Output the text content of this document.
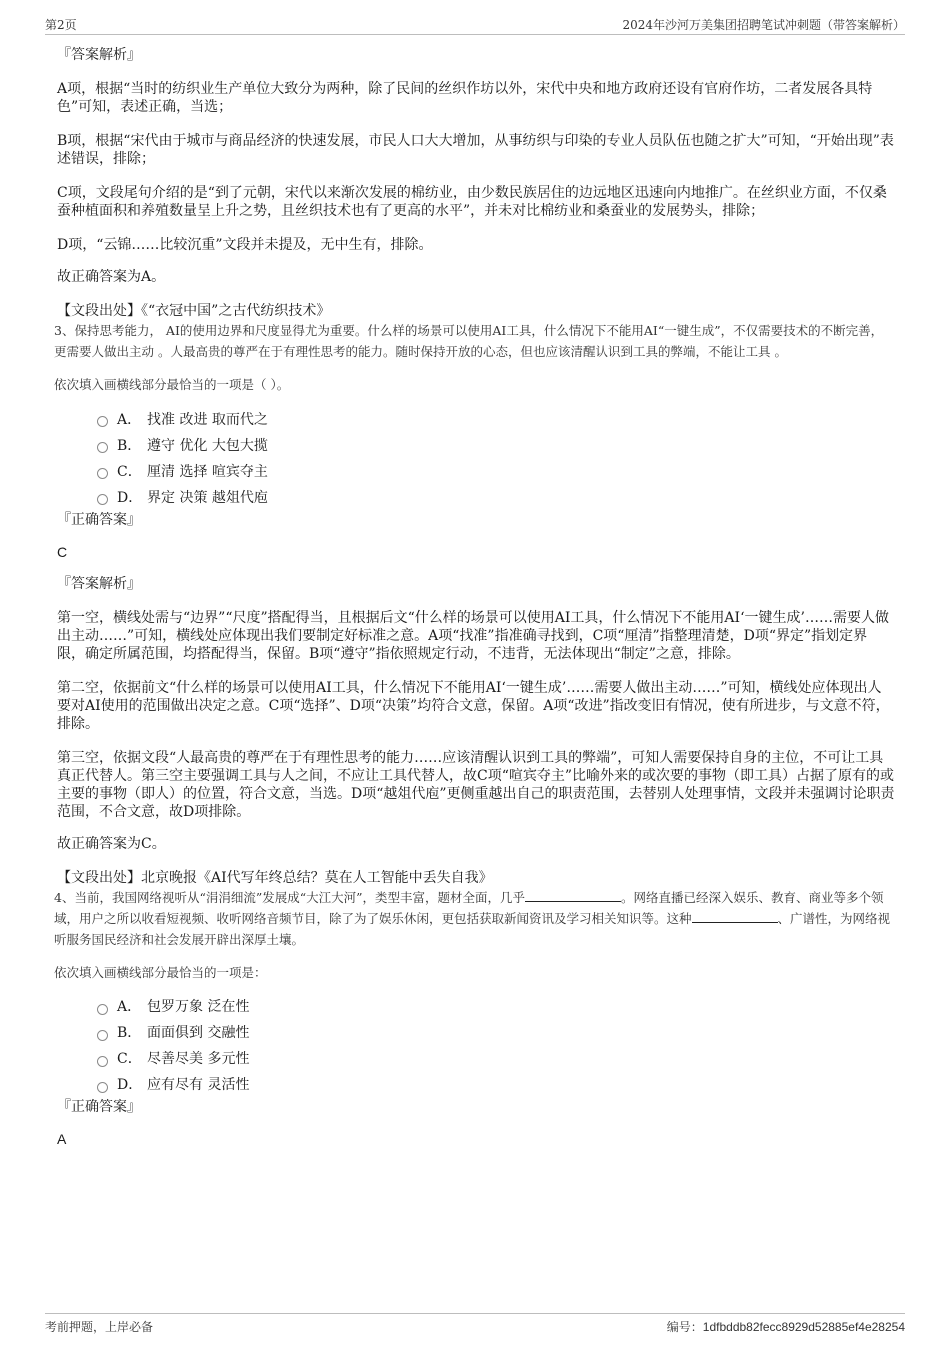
第2页	2024年沙河万美集团招聘笔试冲刺题（带答案解析）

『答案解析』

A项，根据“当时的纺织业生产单位大致分为两种，除了民间的丝织作坊以外，宋代中央和地方政府还设有官府作坊，二者发展各具特色”可知，表述正确，当选；

B项，根据“宋代由于城市与商品经济的快速发展，市民人口大大增加，从事纺织与印染的专业人员队伍也随之扩大”可知，“开始出现”表述错误，排除；

C项，文段尾句介绍的是“到了元朝，宋代以来渐次发展的棉纺业，由少数民族居住的边远地区迅速向内地推广。在丝织业方面，不仅桑蚕种植面积和养殖数量呈上升之势，且丝织技术也有了更高的水平”，并未对比棉纺业和桑蚕业的发展势头，排除；

D项，“云锦……比较沉重”文段并未提及，无中生有，排除。

故正确答案为A。

【文段出处】《“衣冠中国”之古代纺织技术》

3、保持思考能力， AI的使用边界和尺度显得尤为重要。什么样的场景可以使用AI工具，什么情况下不能用AI“一键生成”，不仅需要技术的不断完善，更需要人做出主动 。人最高贵的尊严在于有理性思考的能力。随时保持开放的心态，但也应该清醒认识到工具的弊端，不能让工具 。

依次填入画横线部分最恰当的一项是（ ）。

A． 找准 改进 取而代之
B． 遵守 优化 大包大揽
C． 厘清 选择 喧宾夺主
D． 界定 决策 越俎代庖

『正确答案』

C

『答案解析』

第一空，横线处需与“边界”“尺度”搭配得当，且根据后文“什么样的场景可以使用AI工具，什么情况下不能用AI‘一键生成’……需要人做出主动……”可知，横线处应体现出我们要制定好标准之意。A项“找准”指准确寻找到，C项“厘清”指整理清楚，D项“界定”指划定界限，确定所属范围，均搭配得当，保留。B项“遵守”指依照规定行动，不违背，无法体现出“制定”之意，排除。

第二空，依据前文“什么样的场景可以使用AI工具，什么情况下不能用AI‘一键生成’……需要人做出主动……”可知，横线处应体现出人要对AI使用的范围做出决定之意。C项“选择”、D项“决策”均符合文意，保留。A项“改进”指改变旧有情况，使有所进步，与文意不符，排除。

第三空，依据文段“人最高贵的尊严在于有理性思考的能力……应该清醒认识到工具的弊端”，可知人需要保持自身的主位，不可让工具真正代替人。第三空主要强调工具与人之间，不应让工具代替人，故C项“喧宾夺主”比喻外来的或次要的事物（即工具）占据了原有的或主要的事物（即人）的位置，符合文意，当选。D项“越俎代庖”更侧重越出自己的职责范围，去替别人处理事情，文段并未强调讨论职责范围，不合文意，故D项排除。

故正确答案为C。

【文段出处】北京晚报《AI代写年终总结？莫在人工智能中丢失自我》

4、当前，我国网络视听从“涓涓细流”发展成“大江大河”，类型丰富，题材全面，几乎	。网络直播已经深入娱乐、教育、商业等多个领域，用户之所以收看短视频、收听网络音频节目，除了为了娱乐休闲，更包括获取新闻资讯及学习相关知识等。这种	、广谱性，为网络视听服务国民经济和社会发展开辟出深厚土壤。

依次填入画横线部分最恰当的一项是：

A． 包罗万象 泛在性
B． 面面俱到 交融性
C． 尽善尽美 多元性
D． 应有尽有 灵活性

『正确答案』

A

考前押题，上岸必备	编号：1dfbddb82fecc8929d52885ef4e28254
